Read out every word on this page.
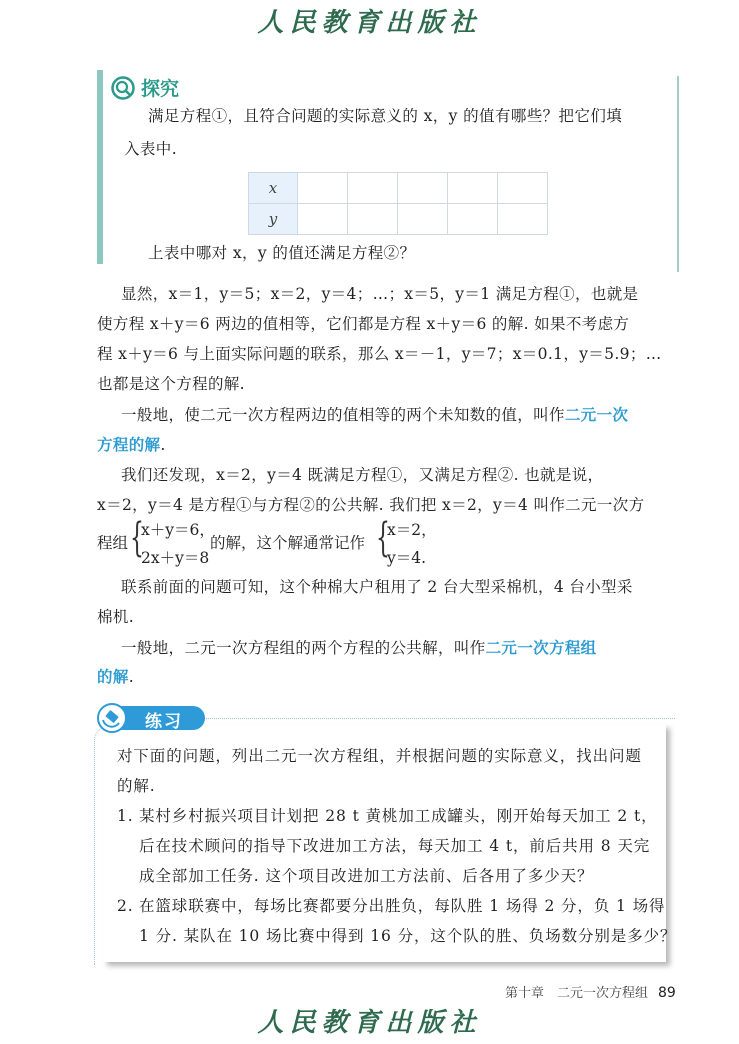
人民教育出版社
探究
满足方程①，且符合问题的实际意义的 x，y 的值有哪些？把它们填
入表中.
x					
y					
上表中哪对 x，y 的值还满足方程②？
显然，x＝1，y＝5；x＝2，y＝4；…；x＝5，y＝1 满足方程①，也就是
使方程 x＋y＝6 两边的值相等，它们都是方程 x＋y＝6 的解. 如果不考虑方
程 x＋y＝6 与上面实际问题的联系，那么 x＝－1，y＝7；x＝0.1，y＝5.9；…
也都是这个方程的解.
一般地，使二元一次方程两边的值相等的两个未知数的值，叫作二元一次
方程的解.
我们还发现，x＝2，y＝4 既满足方程①，又满足方程②. 也就是说，
x＝2，y＝4 是方程①与方程②的公共解. 我们把 x＝2，y＝4 叫作二元一次方
程组 {
x＋y＝6，
2x＋y＝8
的解，这个解通常记作 {
x＝2，
y＝4.
联系前面的问题可知，这个种棉大户租用了 2 台大型采棉机，4 台小型采
棉机.
一般地，二元一次方程组的两个方程的公共解，叫作二元一次方程组
的解.
对下面的问题，列出二元一次方程组，并根据问题的实际意义，找出问题
的解.
1. 某村乡村振兴项目计划把 28 t 黄桃加工成罐头，刚开始每天加工 2 t，
后在技术顾问的指导下改进加工方法，每天加工 4 t，前后共用 8 天完
成全部加工任务. 这个项目改进加工方法前、后各用了多少天？
2. 在篮球联赛中，每场比赛都要分出胜负，每队胜 1 场得 2 分，负 1 场得
1 分. 某队在 10 场比赛中得到 16 分，这个队的胜、负场数分别是多少？
练习
第十章　二元一次方程组 89
人民教育出版社
